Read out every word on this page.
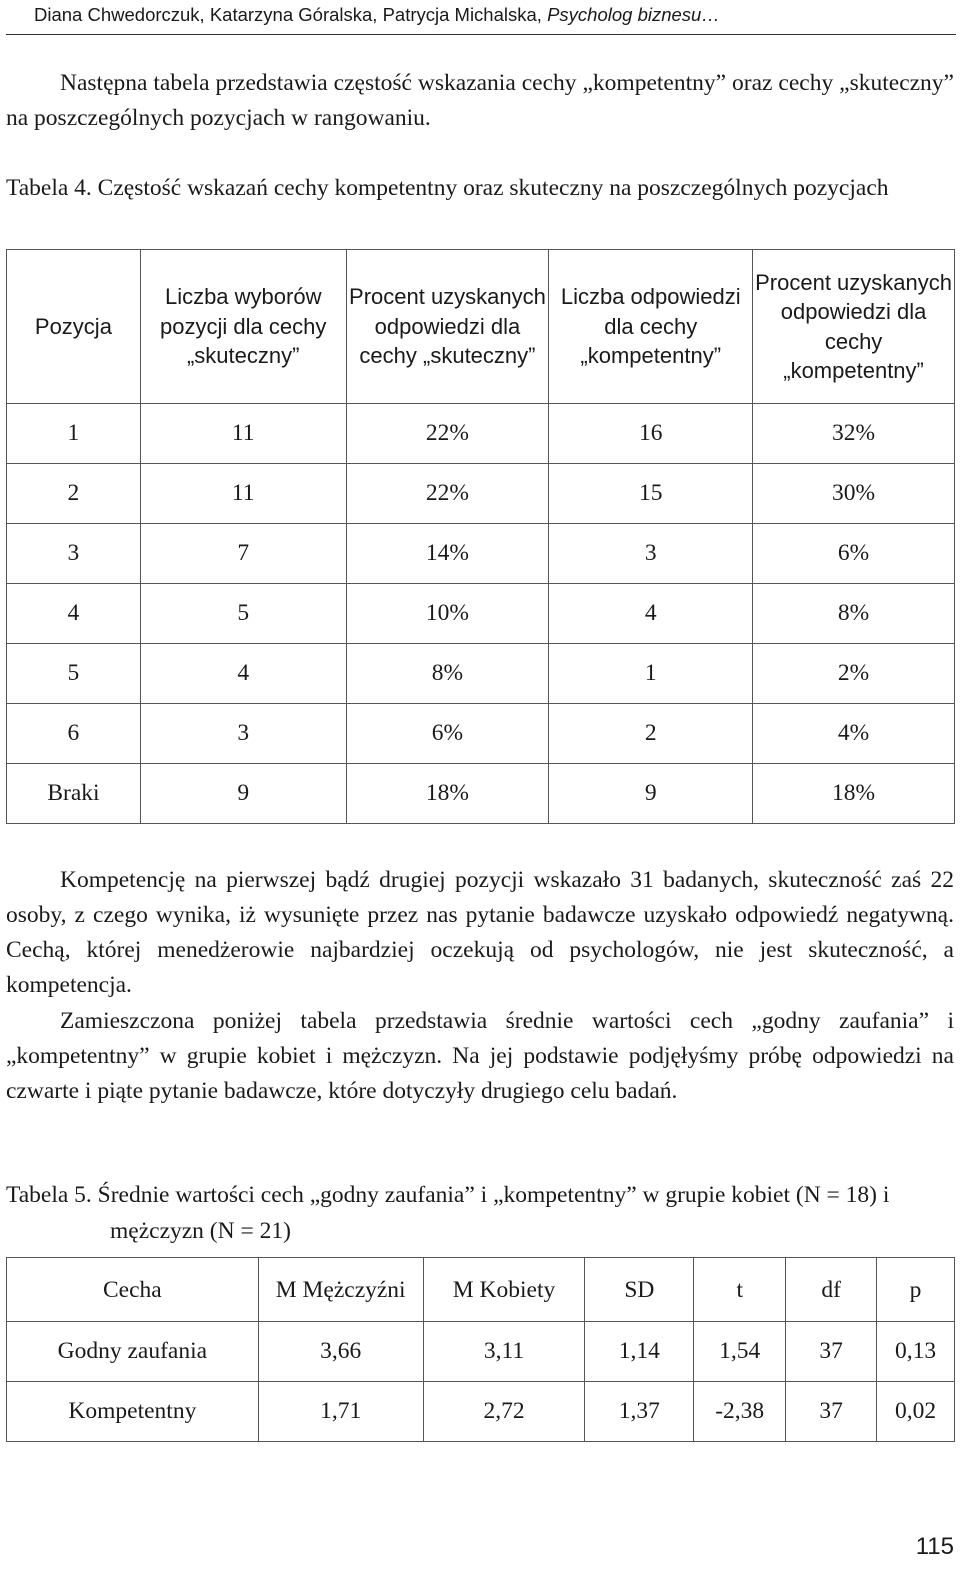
Diana Chwedorczuk, Katarzyna Góralska, Patrycja Michalska, Psycholog biznesu…

Następna tabela przedstawia częstość wskazania cechy „kompetentny” oraz cechy „skuteczny” na poszczególnych pozycjach w rangowaniu.

Tabela 4. Częstość wskazań cechy kompetentny oraz skuteczny na poszczególnych pozycjach
Pozycja	Liczba wyborów pozycji dla cechy „skuteczny”	Procent uzyskanych odpowiedzi dla cechy „skuteczny”	Liczba odpowiedzi dla cechy „kompetentny”	Procent uzyskanych odpowiedzi dla cechy „kompetentny”
1	11	22%	16	32%
2	11	22%	15	30%
3	7	14%	3	6%
4	5	10%	4	8%
5	4	8%	1	2%
6	3	6%	2	4%
Braki	9	18%	9	18%

Kompetencję na pierwszej bądź drugiej pozycji wskazało 31 badanych, skuteczność zaś 22 osoby, z czego wynika, iż wysunięte przez nas pytanie badawcze uzyskało odpowiedź negatywną. Cechą, której menedżerowie najbardziej oczekują od psychologów, nie jest skuteczność, a kompetencja.

Zamieszczona poniżej tabela przedstawia średnie wartości cech „godny zaufania” i „kompetentny” w grupie kobiet i mężczyzn. Na jej podstawie podjęłyśmy próbę odpowiedzi na czwarte i piąte pytanie badawcze, które dotyczyły drugiego celu badań.

Tabela 5. Średnie wartości cech „godny zaufania” i „kompetentny” w grupie kobiet (N = 18) i mężczyzn (N = 21)
Cecha	M Mężczyźni	M Kobiety	SD	t	df	p
Godny zaufania	3,66	3,11	1,14	1,54	37	0,13
Kompetentny	1,71	2,72	1,37	-2,38	37	0,02
115
